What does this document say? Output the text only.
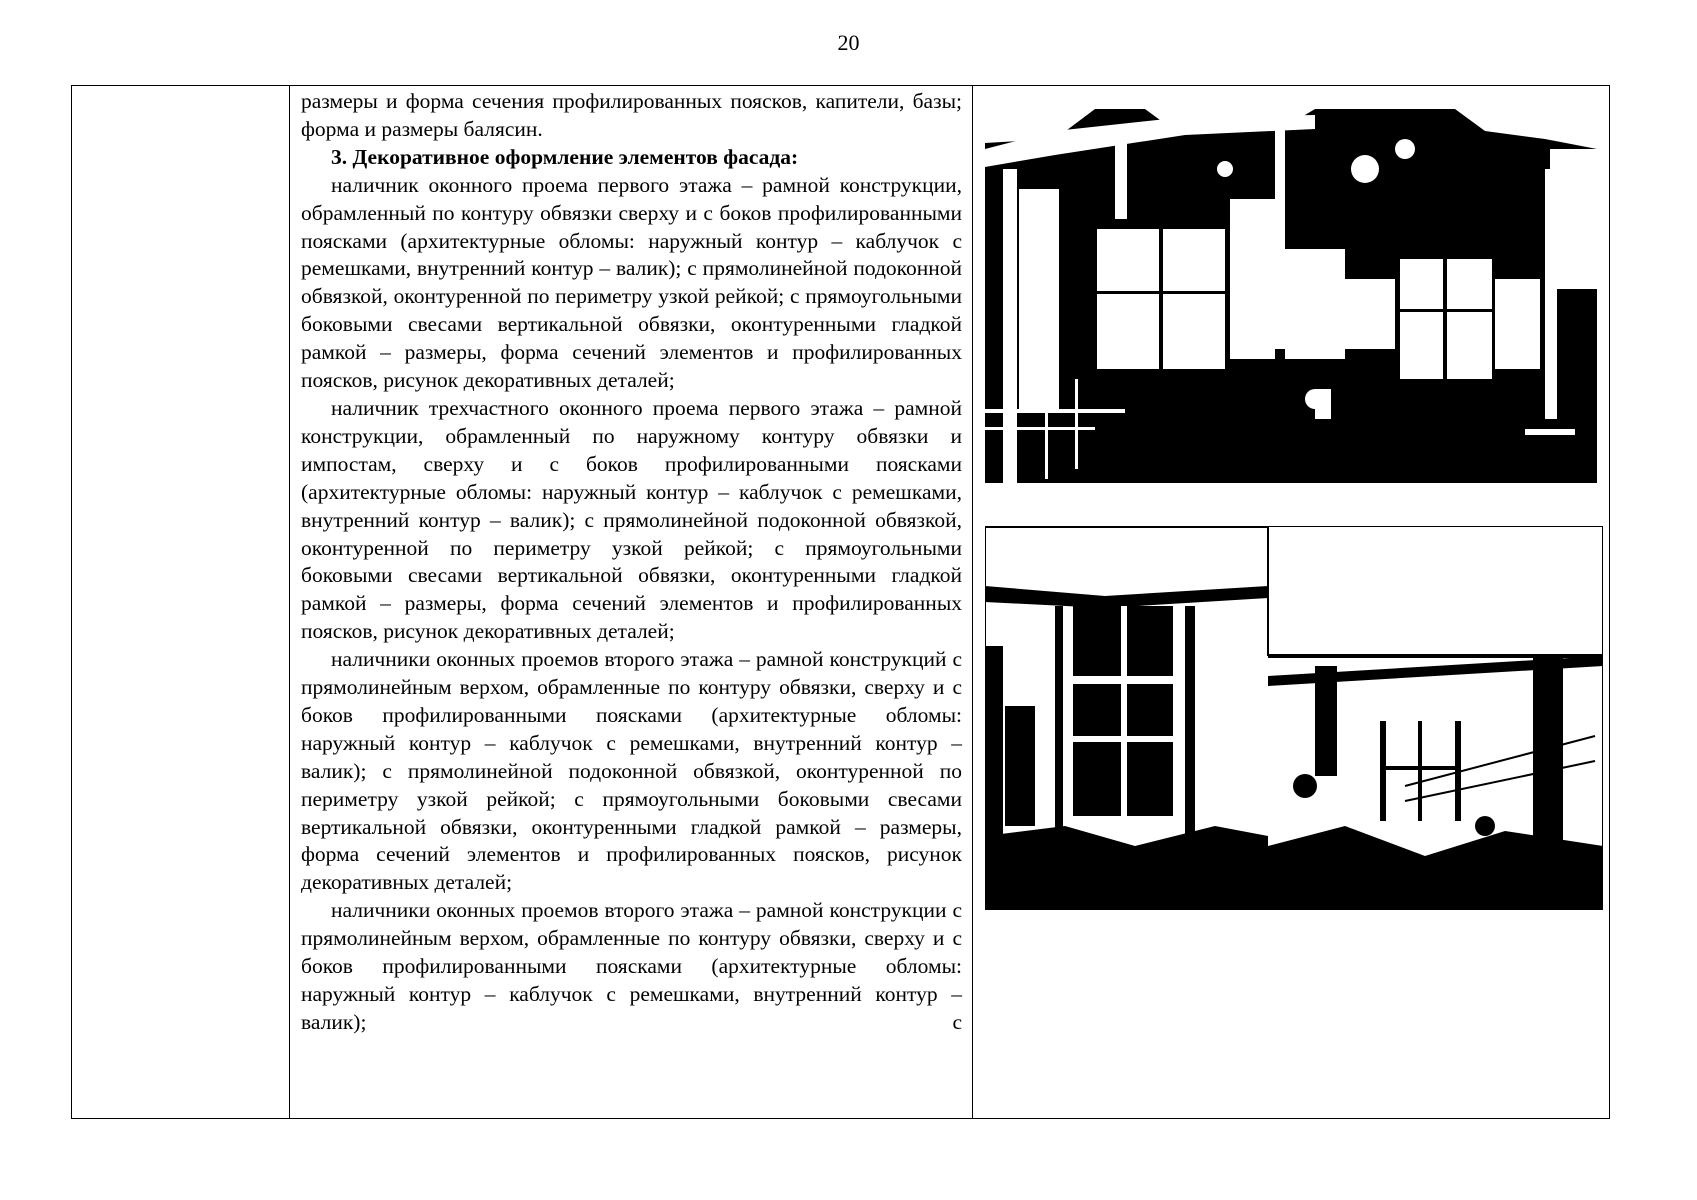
20

размеры и форма сечения профилированных поясков, капители, базы; форма и размеры балясин.

3. Декоративное оформление элементов фасада:

наличник оконного проема первого этажа – рамной конструкции, обрамленный по контуру обвязки сверху и с боков профилированными поясками (архитектурные обломы: наружный контур – каблучок с ремешками, внутренний контур – валик); с прямолинейной подоконной обвязкой, оконтуренной по периметру узкой рейкой; с прямоугольными боковыми свесами вертикальной обвязки, оконтуренными гладкой рамкой – размеры, форма сечений элементов и профилированных поясков, рисунок декоративных деталей;

наличник трехчастного оконного проема первого этажа – рамной конструкции, обрамленный по наружному контуру обвязки и импостам, сверху и с боков профилированными поясками (архитектурные обломы: наружный контур – каблучок с ремешками, внутренний контур – валик); с прямолинейной подоконной обвязкой, оконтуренной по периметру узкой рейкой; с прямоугольными боковыми свесами вертикальной обвязки, оконтуренными гладкой рамкой – размеры, форма сечений элементов и профилированных поясков, рисунок декоративных деталей;

наличники оконных проемов второго этажа – рамной конструкций с прямолинейным верхом, обрамленные по контуру обвязки, сверху и с боков профилированными поясками (архитектурные обломы: наружный контур – каблучок с ремешками, внутренний контур – валик); с прямолинейной подоконной обвязкой, оконтуренной по периметру узкой рейкой; с прямоугольными боковыми свесами вертикальной обвязки, оконтуренными гладкой рамкой – размеры, форма сечений элементов и профилированных поясков, рисунок декоративных деталей;

наличники оконных проемов второго этажа – рамной конструкции с прямолинейным верхом, обрамленные по контуру обвязки, сверху и с боков профилированными поясками (архитектурные обломы: наружный контур – каблучок с ремешками, внутренний контур – валик); с
